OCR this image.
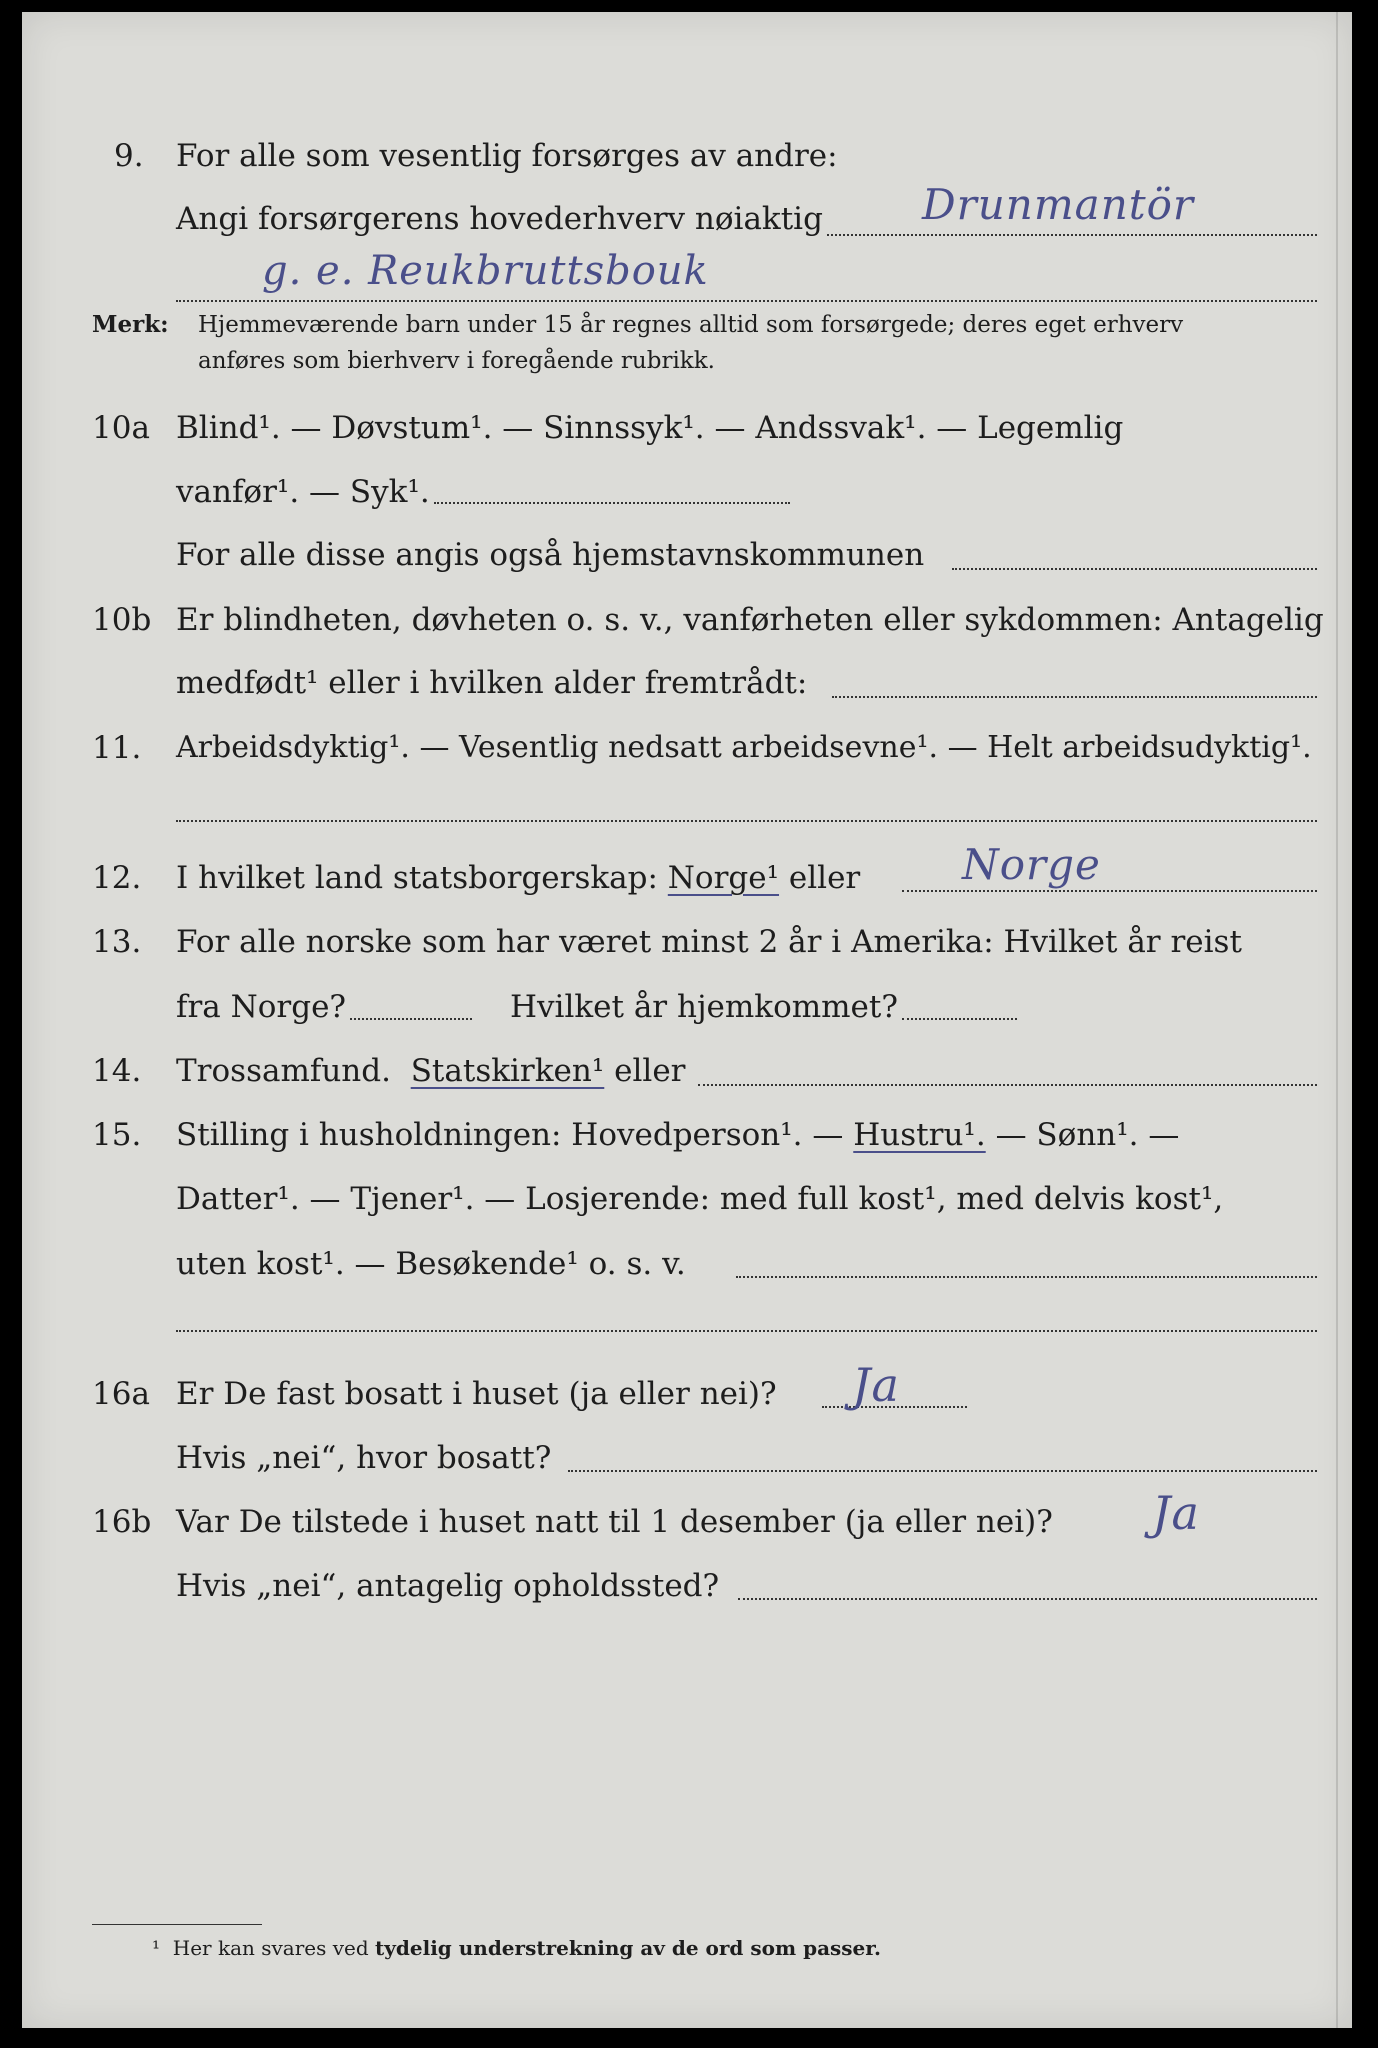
9.	For alle som vesentlig forsørges av andre:
Angi forsørgerens hovederhverv nøiaktig Drunmantör
g. e. Reukbruttsbouk
Merk: Hjemmeværende barn under 15 år regnes alltid som forsørgede; deres eget erhverv
anføres som bierhverv i foregående rubrikk.
10a Blind¹. — Døvstum¹. — Sinnssyk¹. — Andssvak¹. — Legemlig
vanfør¹. — Syk¹.
For alle disse angis også hjemstavnskommunen
10b Er blindheten, døvheten o. s. v., vanførheten eller sykdommen: Antagelig
medfødt¹ eller i hvilken alder fremtrådt:
11.	Arbeidsdyktig¹. — Vesentlig nedsatt arbeidsevne¹. — Helt arbeidsudyktig¹.
12.	I hvilket land statsborgerskap: Norge¹ eller Norge
13.	For alle norske som har været minst 2 år i Amerika: Hvilket år reist
fra Norge?	Hvilket år hjemkommet?
14.	Trossamfund. Statskirken¹ eller
15.	Stilling i husholdningen: Hovedperson¹. — Hustru¹. — Sønn¹. —
Datter¹. — Tjener¹. — Losjerende: med full kost¹, med delvis kost¹,
uten kost¹. — Besøkende¹ o. s. v.
16a Er De fast bosatt i huset (ja eller nei)? Ja
Hvis „nei“, hvor bosatt?
16b Var De tilstede i huset natt til 1 desember (ja eller nei)? Ja
Hvis „nei“, antagelig opholdssted?
¹ Her kan svares ved tydelig understrekning av de ord som passer.
